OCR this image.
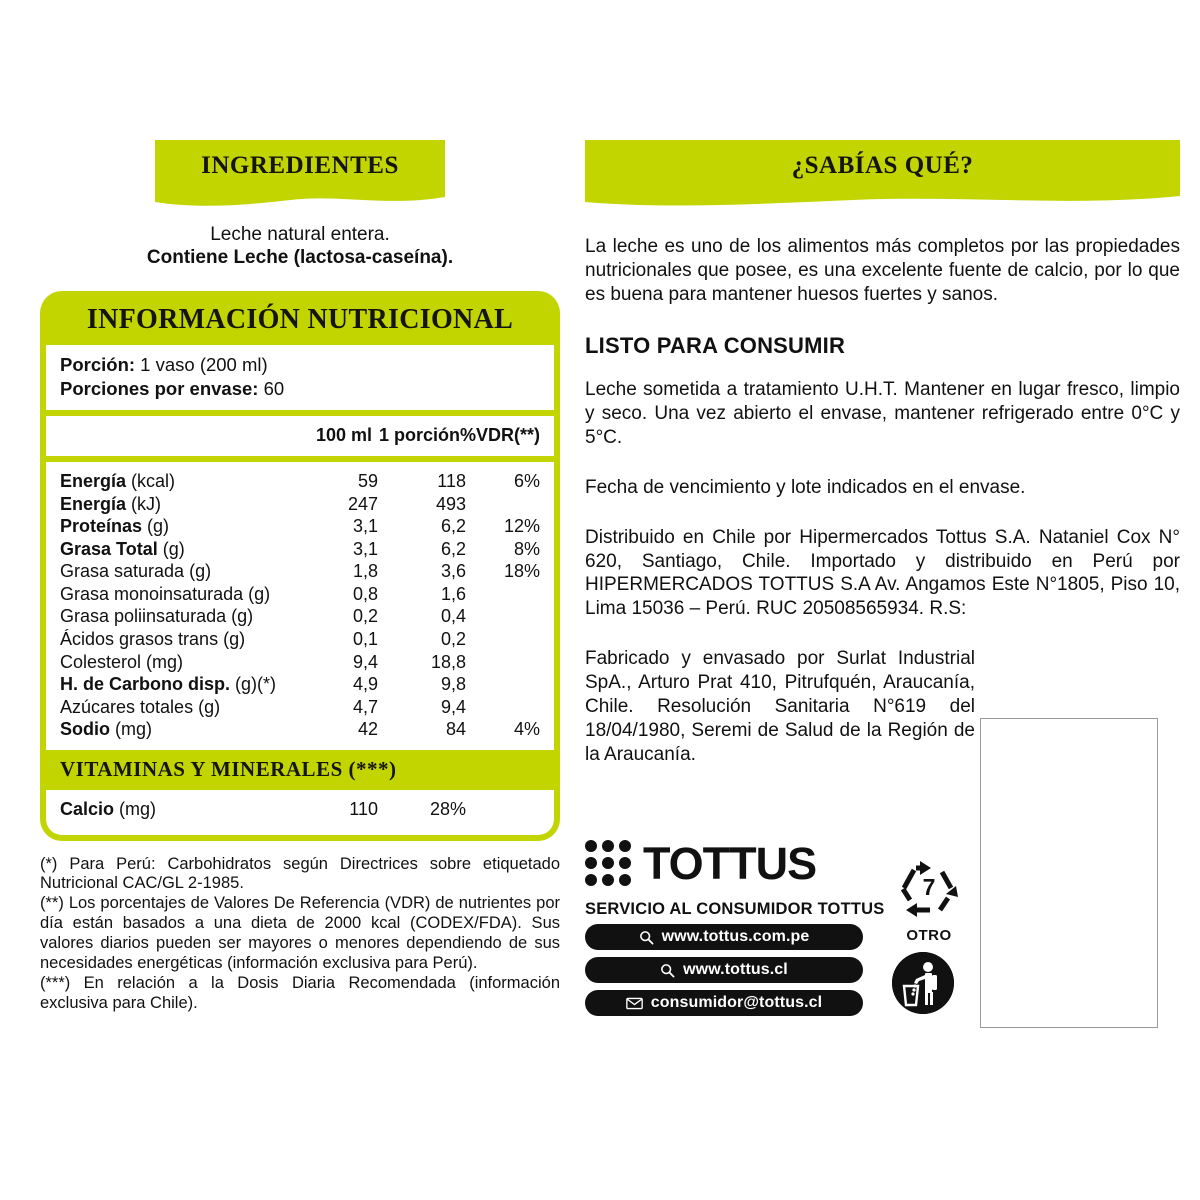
INGREDIENTES
Leche natural entera.
Contiene Leche (lactosa-caseína).
INFORMACIÓN NUTRICIONAL
Porción: 1 vaso (200 ml)
Porciones por envase: 60
	100 ml	1 porción	%VDR(**)
Energía (kcal)	59	118	6%
Energía (kJ)	247	493	
Proteínas (g)	3,1	6,2	12%
Grasa Total (g)	3,1	6,2	8%
Grasa saturada (g)	1,8	3,6	18%
Grasa monoinsaturada (g)	0,8	1,6	
Grasa poliinsaturada (g)	0,2	0,4	
Ácidos grasos trans (g)	0,1	0,2	
Colesterol (mg)	9,4	18,8	
H. de Carbono disp. (g)(*)	4,9	9,8	
Azúcares totales (g)	4,7	9,4	
Sodio (mg)	42	84	4%
VITAMINAS Y MINERALES (***)
Calcio (mg)	110	28%	

(*) Para Perú: Carbohidratos según Directrices sobre etiquetado Nutricional CAC/GL 2-1985.

(**) Los porcentajes de Valores De Referencia (VDR) de nutrientes por día están basados a una dieta de 2000 kcal (CODEX/FDA). Sus valores diarios pueden ser mayores o menores dependiendo de sus necesidades energéticas (información exclusiva para Perú).

(***) En relación a la Dosis Diaria Recomendada (información exclusiva para Chile).

¿SABÍAS QUÉ?

La leche es uno de los alimentos más completos por las propiedades nutricionales que posee, es una excelente fuente de calcio, por lo que es buena para mantener huesos fuertes y sanos.

LISTO PARA CONSUMIR

Leche sometida a tratamiento U.H.T. Mantener en lugar fresco, limpio y seco. Una vez abierto el envase, mantener refrigerado entre 0°C y 5°C.

Fecha de vencimiento y lote indicados en el envase.

Distribuido en Chile por Hipermercados Tottus S.A. Nataniel Cox N° 620, Santiago, Chile. Importado y distribuido en Perú por HIPERMERCADOS TOTTUS S.A Av. Angamos Este N°1805, Piso 10, Lima 15036 – Perú. RUC 20508565934. R.S:

Fabricado y envasado por Surlat Industrial SpA., Arturo Prat 410, Pitrufquén, Araucanía, Chile. Resolución Sanitaria N°619 del 18/04/1980, Seremi de Salud de la Región de la Araucanía.

TOTTUS
SERVICIO AL CONSUMIDOR TOTTUS
www.tottus.com.pe
www.tottus.cl
consumidor@tottus.cl
7
OTRO
